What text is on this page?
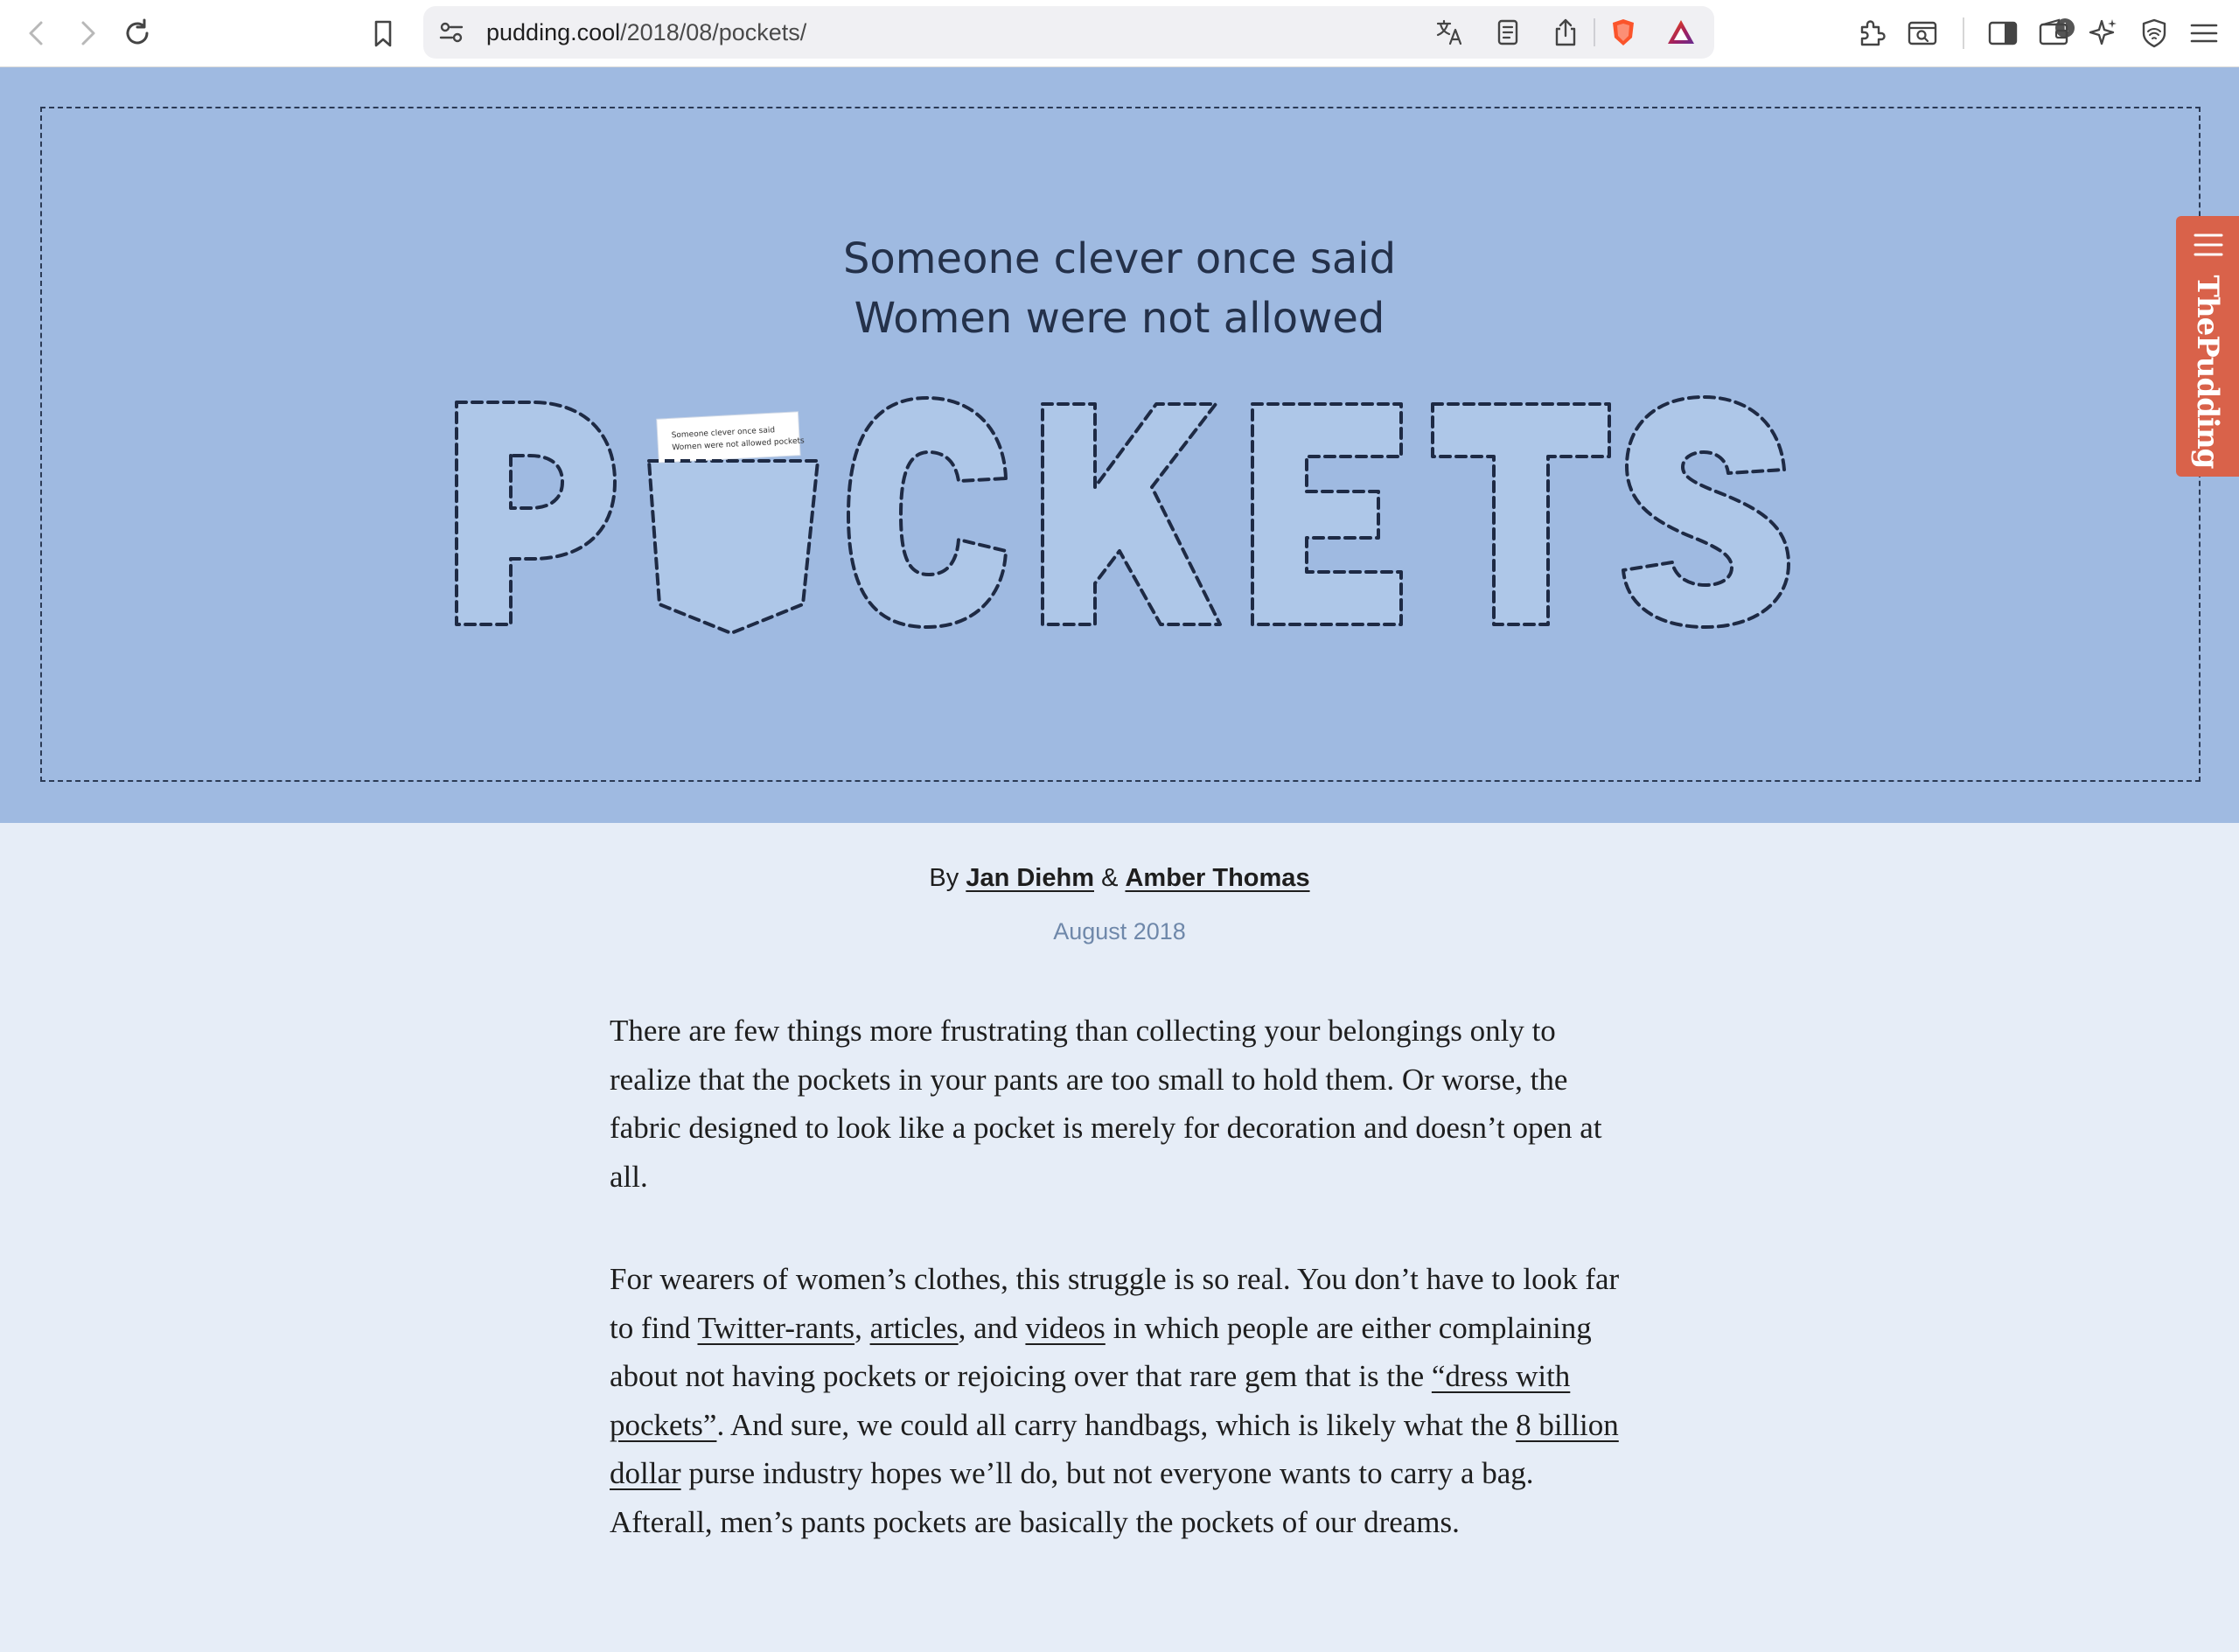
pudding.cool/2018/08/pockets/	1
Someone clever once said
Women were not allowed
Someone clever once said
Women were not allowed pockets	ThePudding
By Jan Diehm & Amber Thomas
August 2018
There are few things more frustrating than collecting your belongings only to realize that the pockets in your pants are too small to hold them. Or worse, the fabric designed to look like a pocket is merely for decoration and doesn’t open at all.
For wearers of women’s clothes, this struggle is so real. You don’t have to look far to find Twitter-rants, articles, and videos in which people are either complaining about not having pockets or rejoicing over that rare gem that is the “dress with pockets”. And sure, we could all carry handbags, which is likely what the 8 billion dollar purse industry hopes we’ll do, but not everyone wants to carry a bag. Afterall, men’s pants pockets are basically the pockets of our dreams.
